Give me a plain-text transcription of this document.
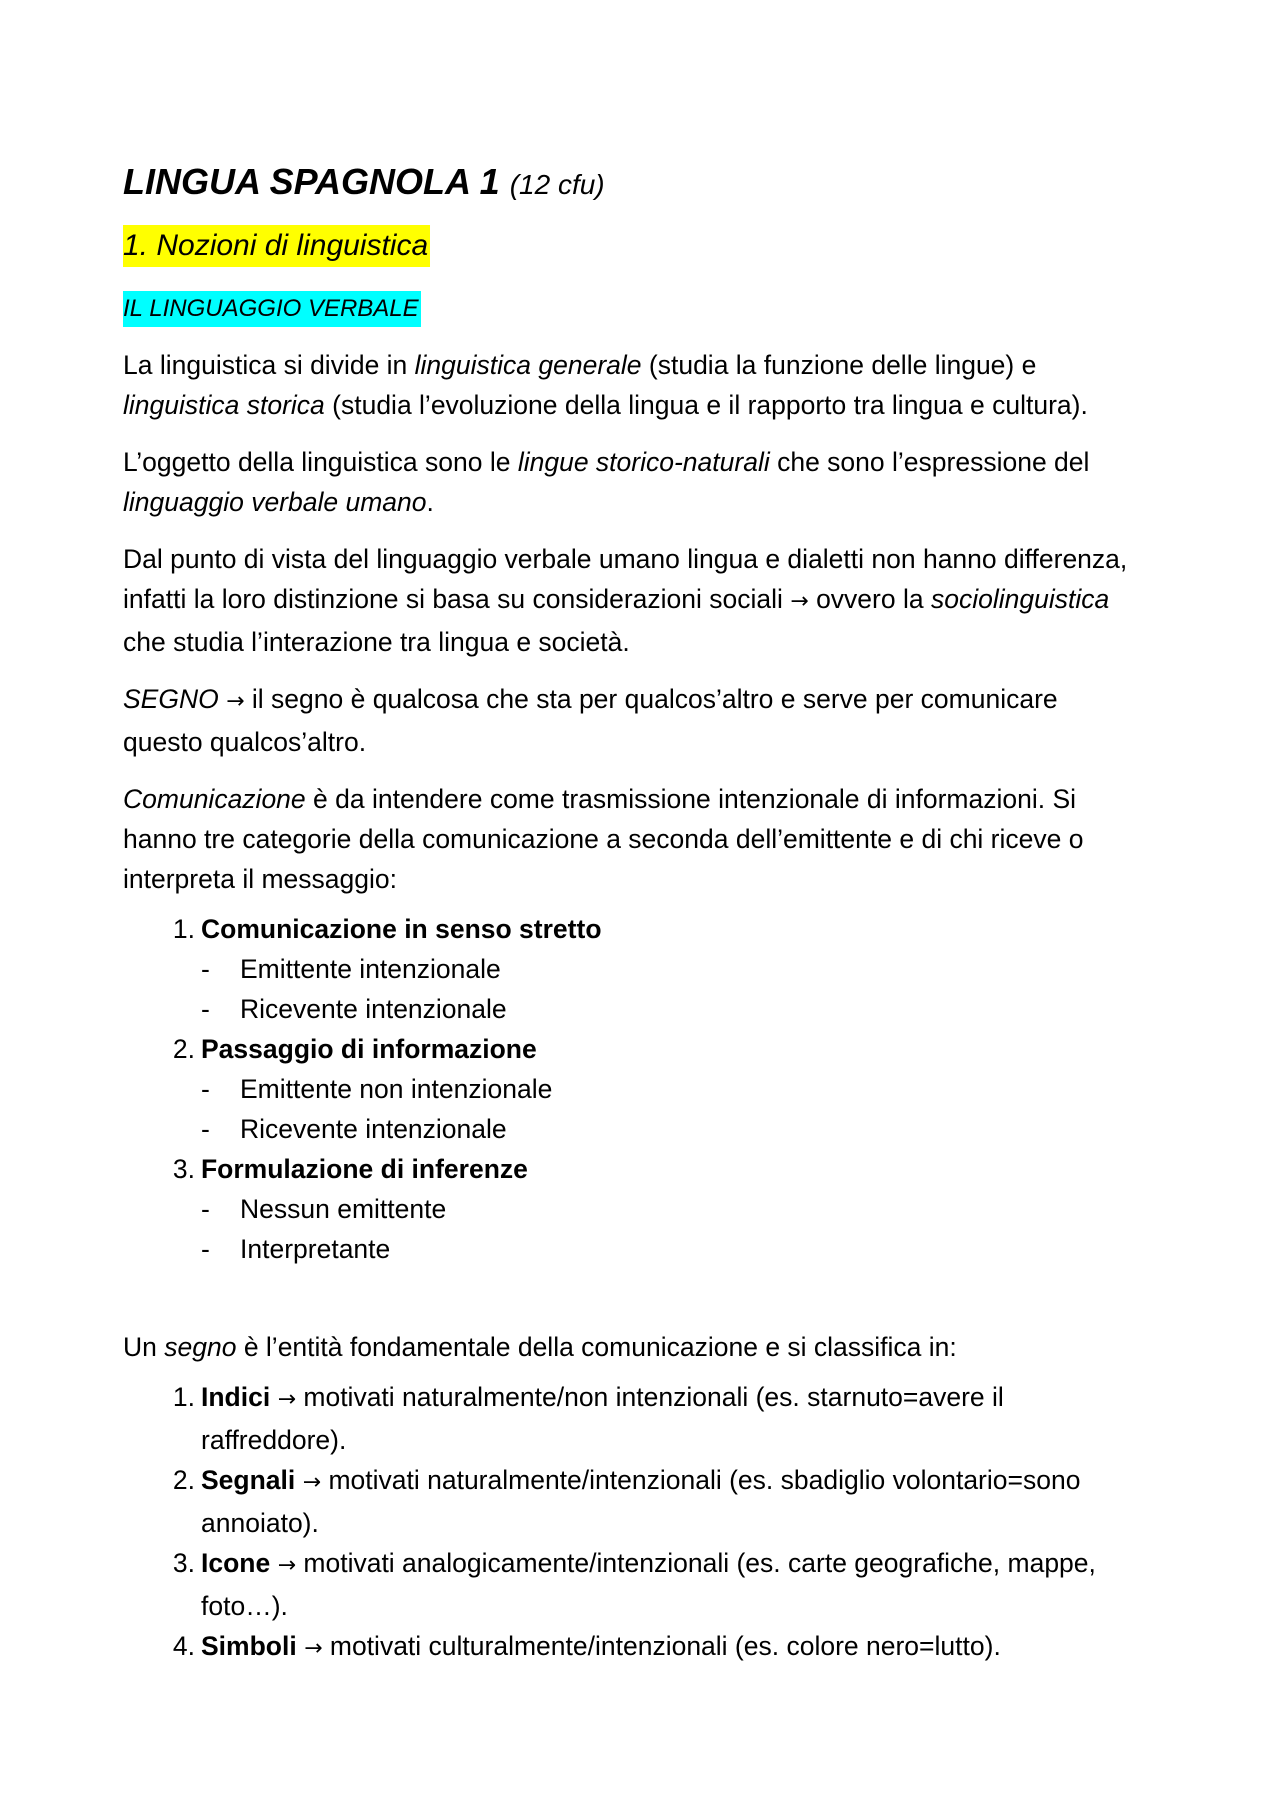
LINGUA SPAGNOLA 1 (12 cfu)
1. Nozioni di linguistica
IL LINGUAGGIO VERBALE

La linguistica si divide in linguistica generale (studia la funzione delle lingue) e linguistica storica (studia l’evoluzione della lingua e il rapporto tra lingua e cultura).

L’oggetto della linguistica sono le lingue storico-naturali che sono l’espressione del linguaggio verbale umano.

Dal punto di vista del linguaggio verbale umano lingua e dialetti non hanno differenza, infatti la loro distinzione si basa su considerazioni sociali → ovvero la sociolinguistica che studia l’interazione tra lingua e società.

SEGNO → il segno è qualcosa che sta per qualcos’altro e serve per comunicare questo qualcos’altro.

Comunicazione è da intendere come trasmissione intenzionale di informazioni. Si hanno tre categorie della comunicazione a seconda dell’emittente e di chi riceve o interpreta il messaggio:

1. Comunicazione in senso stretto
- Emittente intenzionale
- Ricevente intenzionale
2. Passaggio di informazione
- Emittente non intenzionale
- Ricevente intenzionale
3. Formulazione di inferenze
- Nessun emittente
- Interpretante

Un segno è l’entità fondamentale della comunicazione e si classifica in:

1. Indici → motivati naturalmente/non intenzionali (es. starnuto=avere il raffreddore).
2. Segnali → motivati naturalmente/intenzionali (es. sbadiglio volontario=sono annoiato).
3. Icone → motivati analogicamente/intenzionali (es. carte geografiche, mappe, foto…).
4. Simboli → motivati culturalmente/intenzionali (es. colore nero=lutto).
